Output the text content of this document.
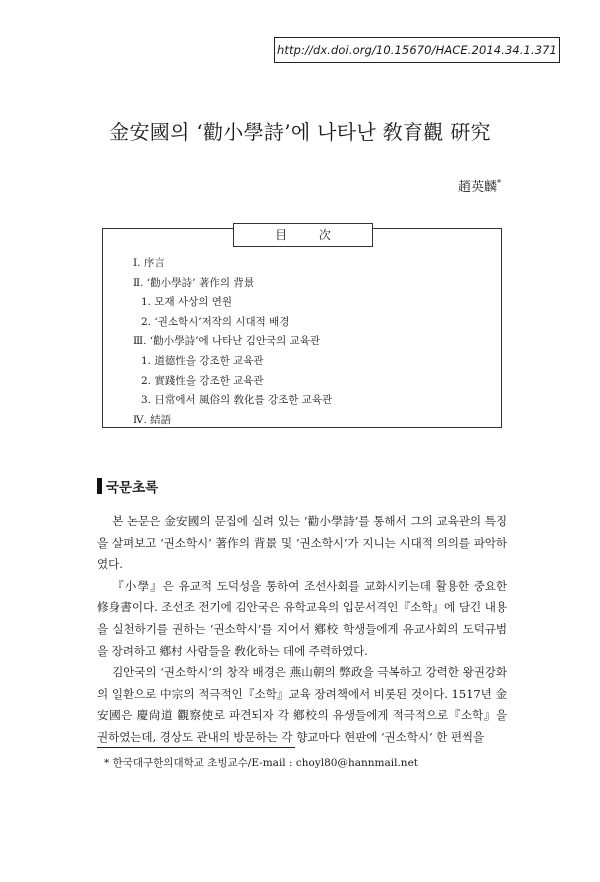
http://dx.doi.org/10.15670/HACE.2014.34.1.371
金安國의 ‘勸小學詩’에 나타난 敎育觀 硏究
趙英麟*
目 次
Ⅰ. 序言
Ⅱ. ‘勸小學詩’ 著作의 背景
1. 모재 사상의 연원
2. ‘권소학시’저작의 시대적 배경
Ⅲ. ‘勸小學詩’에 나타난 김안국의 교육관
1. 道德性을 강조한 교육관
2. 實踐性을 강조한 교육관
3. 日常에서 風俗의 敎化를 강조한 교육관
Ⅳ. 結語
국문초록

본 논문은 金安國의 문집에 실려 있는 ‘勸小學詩’를 통해서 그의 교육관의 특징을 살펴보고 ‘권소학시’ 著作의 背景 및 ‘권소학시’가 지니는 시대적 의의를 파악하였다.

『小學』은 유교적 도덕성을 통하여 조선사회를 교화시키는데 활용한 중요한 修身書이다. 조선조 전기에 김안국은 유학교육의 입문서격인『소학』에 담긴 내용을 실천하기를 권하는 ‘권소학시’를 지어서 鄕校 학생들에게 유교사회의 도덕규범을 장려하고 鄕村 사람들을 敎化하는 데에 주력하였다.

김안국의 ‘권소학시’의 창작 배경은 燕山朝의 弊政을 극복하고 강력한 왕권강화의 일환으로 中宗의 적극적인『소학』교육 장려책에서 비롯된 것이다. 1517년 金安國은 慶尙道 觀察使로 파견되자 각 鄕校의 유생들에게 적극적으로『소학』을 권하였는데, 경상도 관내의 방문하는 각 향교마다 현판에 ‘권소학시’ 한 편씩을

* 한국대구한의대학교 초빙교수/E-mail : choyl80@hannmail.net
